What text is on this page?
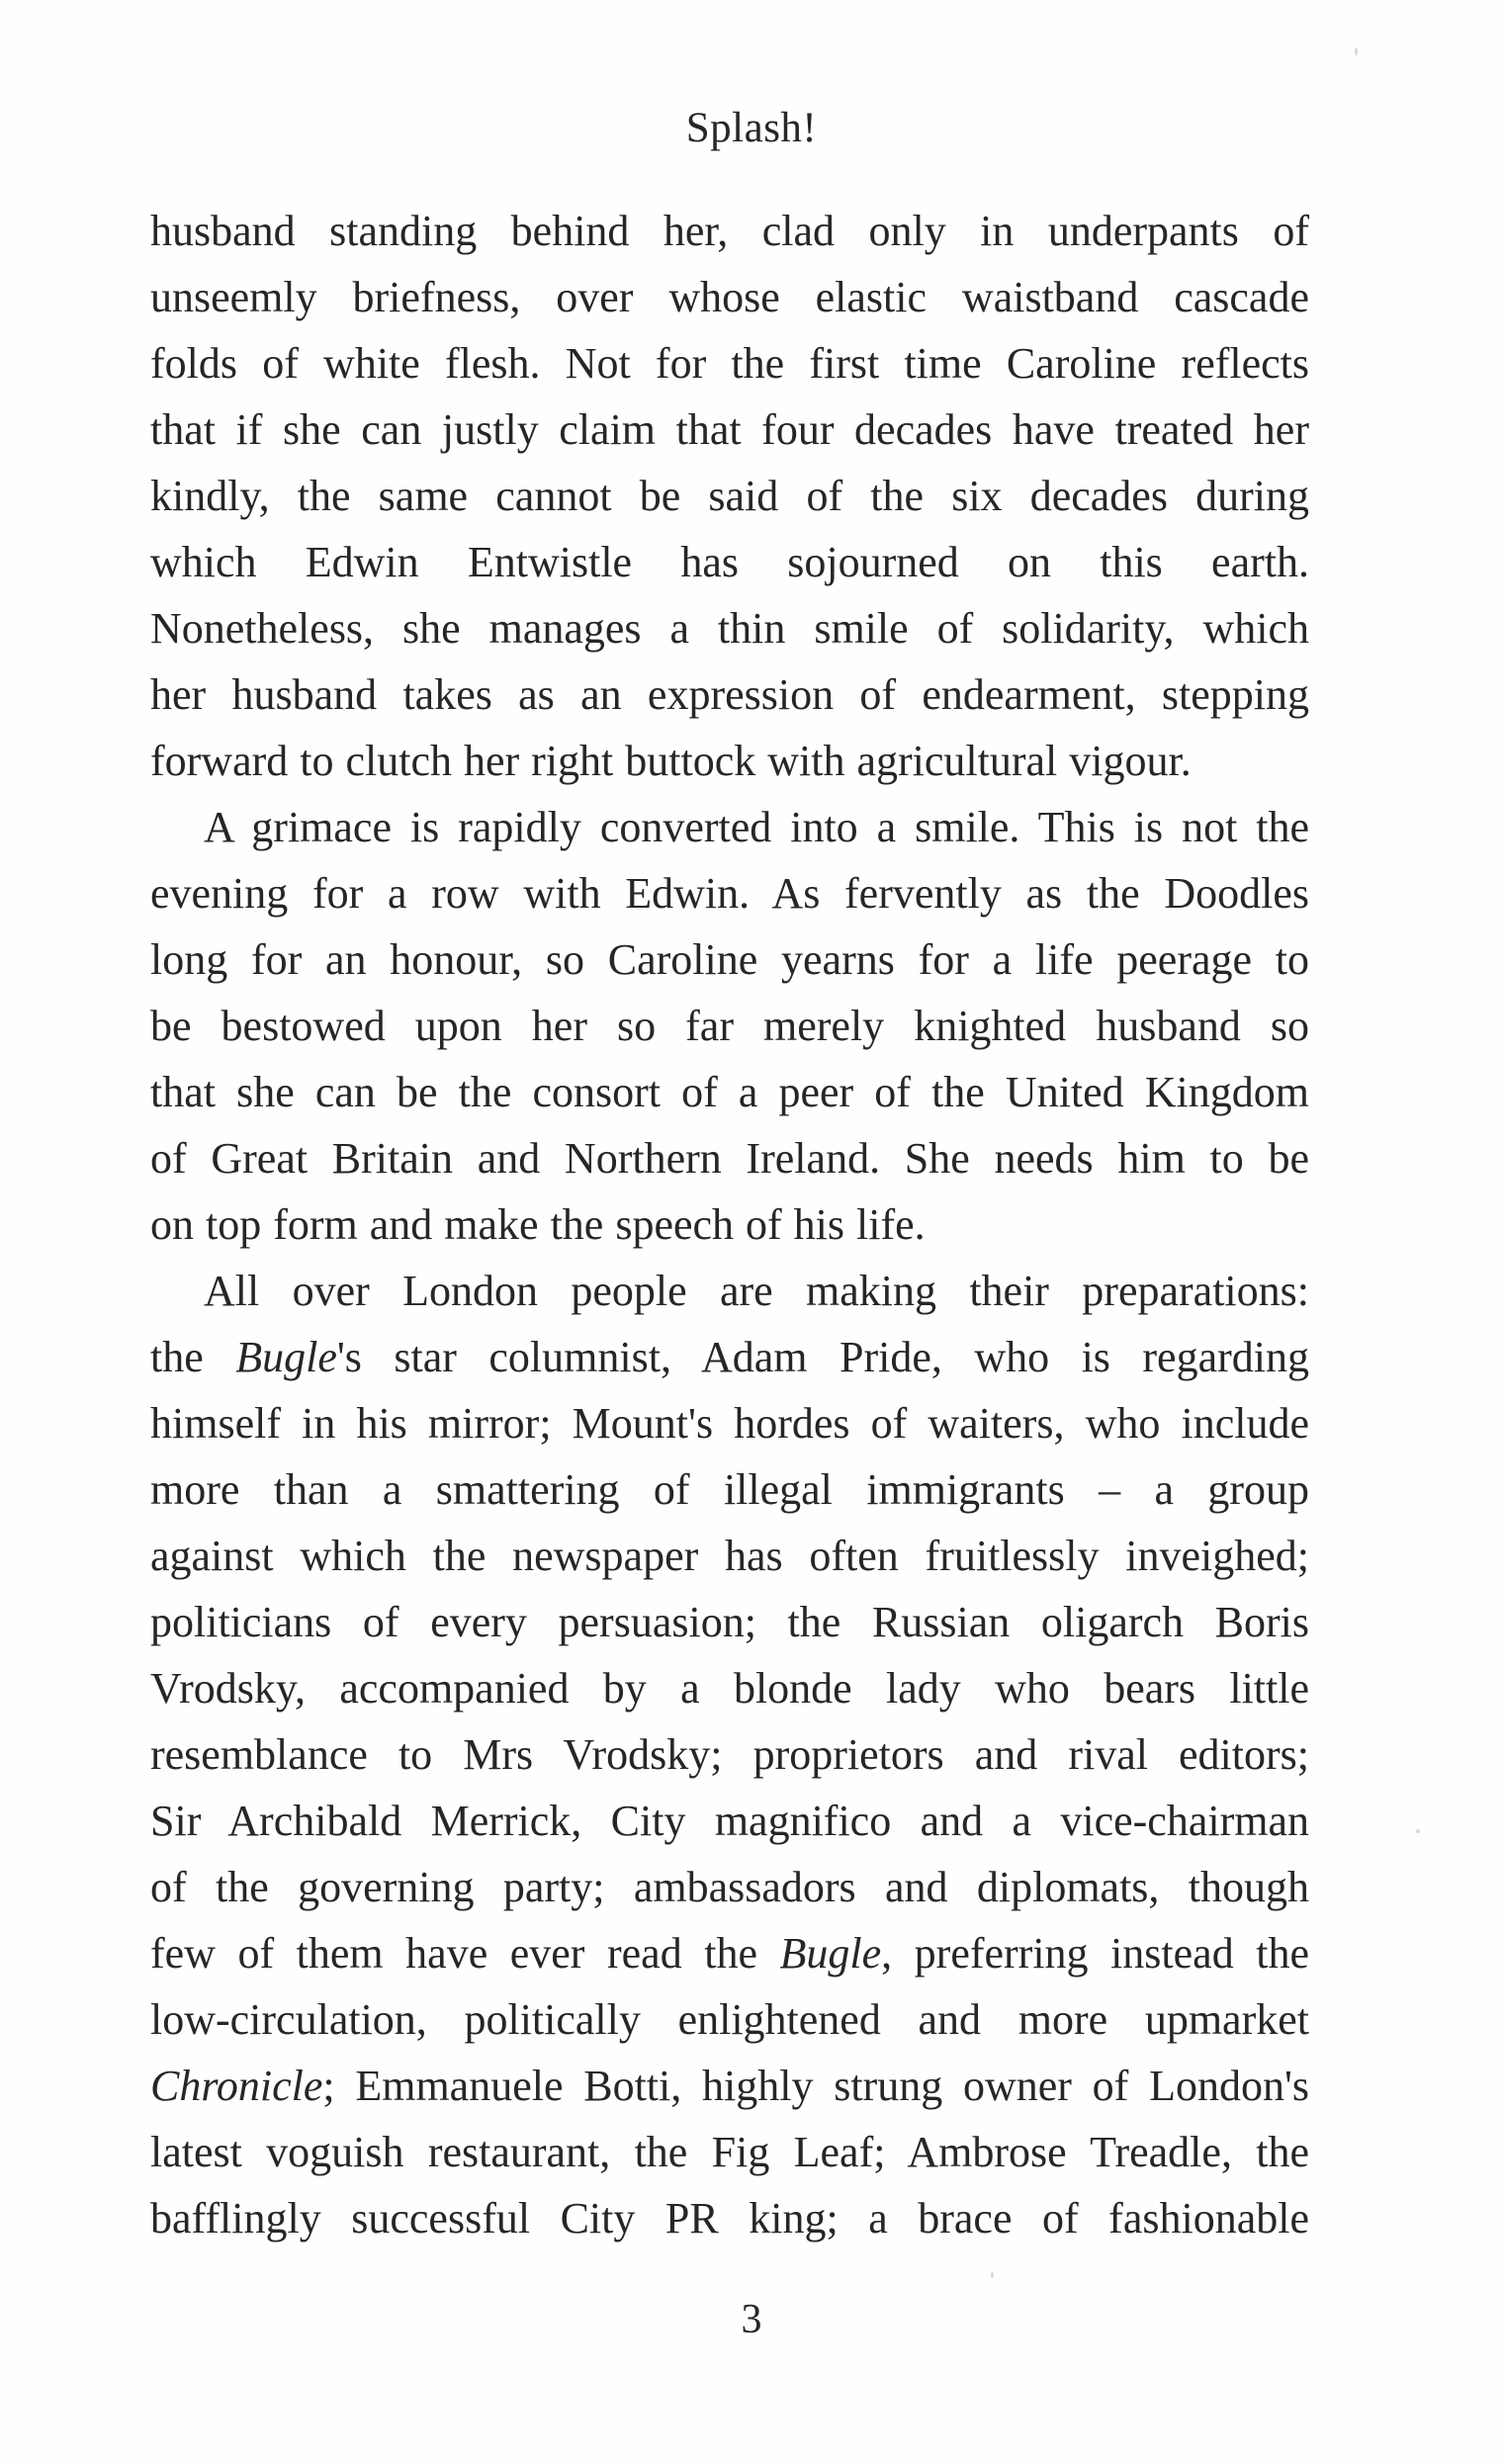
Splash!

husband standing behind her, clad only in underpants of

unseemly briefness, over whose elastic waistband cascade

folds of white flesh. Not for the first time Caroline reflects

that if she can justly claim that four decades have treated her

kindly, the same cannot be said of the six decades during

which Edwin Entwistle has sojourned on this earth.

Nonetheless, she manages a thin smile of solidarity, which

her husband takes as an expression of endearment, stepping

forward to clutch her right buttock with agricultural vigour.

A grimace is rapidly converted into a smile. This is not the

evening for a row with Edwin. As fervently as the Doodles

long for an honour, so Caroline yearns for a life peerage to

be bestowed upon her so far merely knighted husband so

that she can be the consort of a peer of the United Kingdom

of Great Britain and Northern Ireland. She needs him to be

on top form and make the speech of his life.

All over London people are making their preparations:

the Bugle's star columnist, Adam Pride, who is regarding

himself in his mirror; Mount's hordes of waiters, who include

more than a smattering of illegal immigrants – a group

against which the newspaper has often fruitlessly inveighed;

politicians of every persuasion; the Russian oligarch Boris

Vrodsky, accompanied by a blonde lady who bears little

resemblance to Mrs Vrodsky; proprietors and rival editors;

Sir Archibald Merrick, City magnifico and a vice-chairman

of the governing party; ambassadors and diplomats, though

few of them have ever read the Bugle, preferring instead the

low-circulation, politically enlightened and more upmarket

Chronicle; Emmanuele Botti, highly strung owner of London's

latest voguish restaurant, the Fig Leaf; Ambrose Treadle, the

bafflingly successful City PR king; a brace of fashionable

3
